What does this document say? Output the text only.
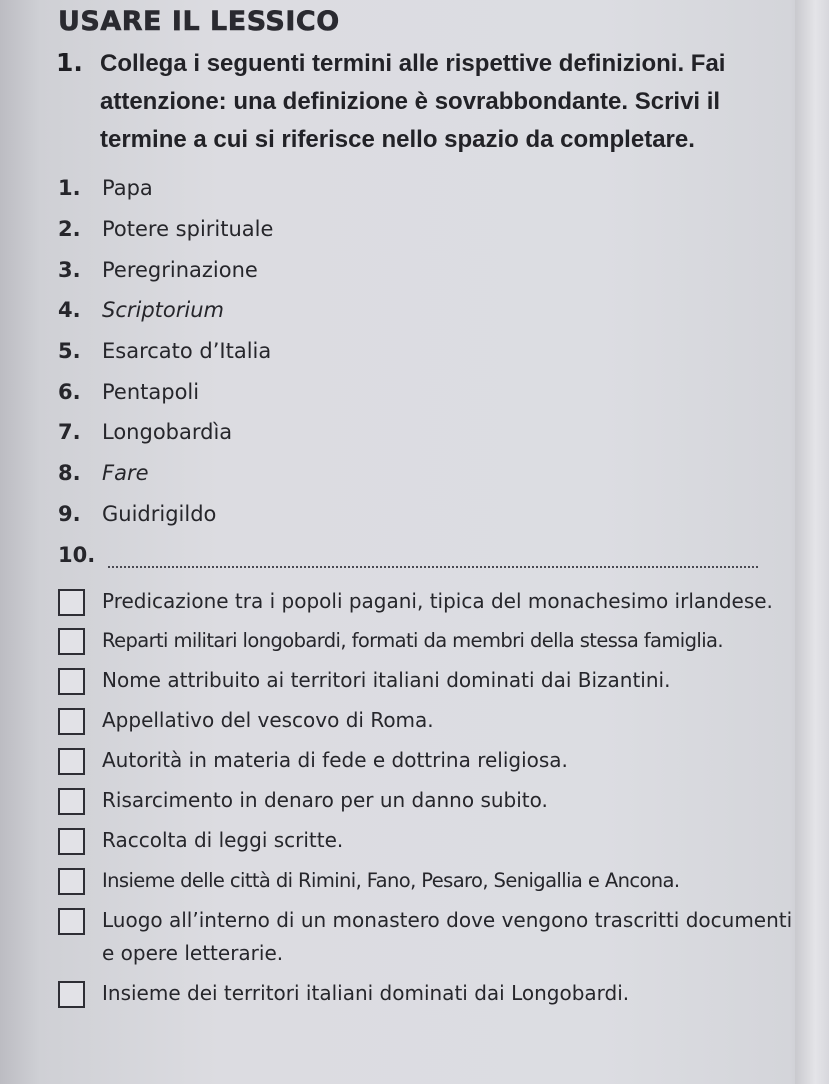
USARE IL LESSICO
1. Collega i seguenti termini alle rispettive definizioni. Fai attenzione: una definizione è sovrabbondante. Scrivi il termine a cui si riferisce nello spazio da completare.
1.	Papa
2.	Potere spirituale
3.	Peregrinazione
4.	Scriptorium
5.	Esarcato d’Italia
6.	Pentapoli
7.	Longobardìa
8.	Fare
9.	Guidrigildo
10.
Predicazione tra i popoli pagani, tipica del monachesimo irlandese.
Reparti militari longobardi, formati da membri della stessa famiglia.
Nome attribuito ai territori italiani dominati dai Bizantini.
Appellativo del vescovo di Roma.
Autorità in materia di fede e dottrina religiosa.
Risarcimento in denaro per un danno subito.
Raccolta di leggi scritte.
Insieme delle città di Rimini, Fano, Pesaro, Senigallia e Ancona.
Luogo all’interno di un monastero dove vengono trascritti documenti e opere letterarie.
Insieme dei territori italiani dominati dai Longobardi.
